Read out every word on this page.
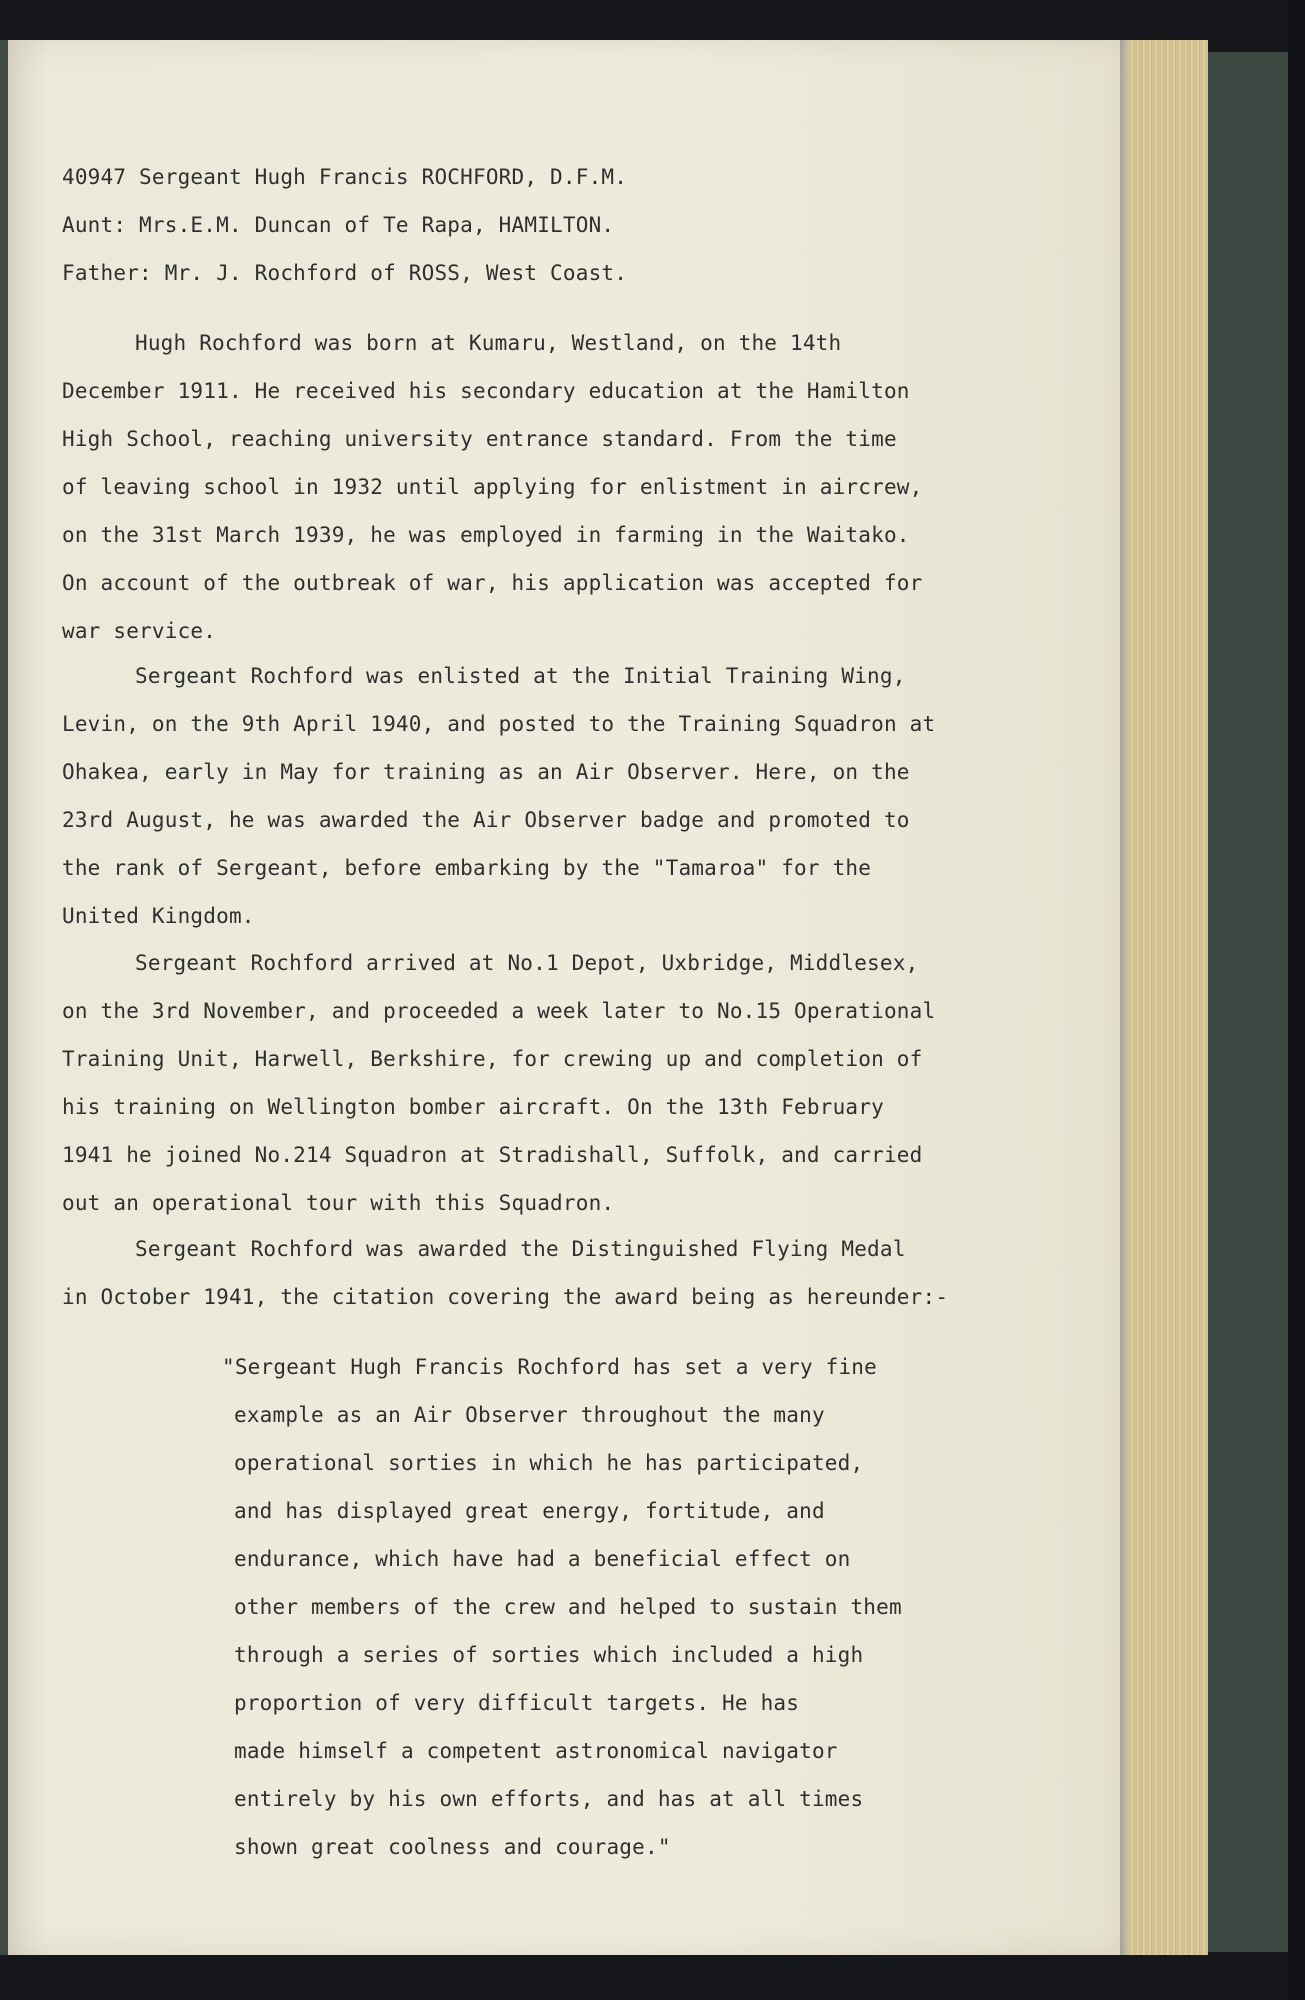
40947 Sergeant Hugh Francis ROCHFORD, D.F.M.
Aunt: Mrs.E.M. Duncan of Te Rapa, HAMILTON.
Father: Mr. J. Rochford of ROSS, West Coast.
Hugh Rochford was born at Kumaru, Westland, on the 14th
December 1911. He received his secondary education at the Hamilton
High School, reaching university entrance standard. From the time
of leaving school in 1932 until applying for enlistment in aircrew,
on the 31st March 1939, he was employed in farming in the Waitako.
On account of the outbreak of war, his application was accepted for
war service.
Sergeant Rochford was enlisted at the Initial Training Wing,
Levin, on the 9th April 1940, and posted to the Training Squadron at
Ohakea, early in May for training as an Air Observer. Here, on the
23rd August, he was awarded the Air Observer badge and promoted to
the rank of Sergeant, before embarking by the "Tamaroa" for the
United Kingdom.
Sergeant Rochford arrived at No.1 Depot, Uxbridge, Middlesex,
on the 3rd November, and proceeded a week later to No.15 Operational
Training Unit, Harwell, Berkshire, for crewing up and completion of
his training on Wellington bomber aircraft. On the 13th February
1941 he joined No.214 Squadron at Stradishall, Suffolk, and carried
out an operational tour with this Squadron.
Sergeant Rochford was awarded the Distinguished Flying Medal
in October 1941, the citation covering the award being as hereunder:-
"Sergeant Hugh Francis Rochford has set a very fine
example as an Air Observer throughout the many
operational sorties in which he has participated,
and has displayed great energy, fortitude, and
endurance, which have had a beneficial effect on
other members of the crew and helped to sustain them
through a series of sorties which included a high
proportion of very difficult targets. He has
made himself a competent astronomical navigator
entirely by his own efforts, and has at all times
shown great coolness and courage."
